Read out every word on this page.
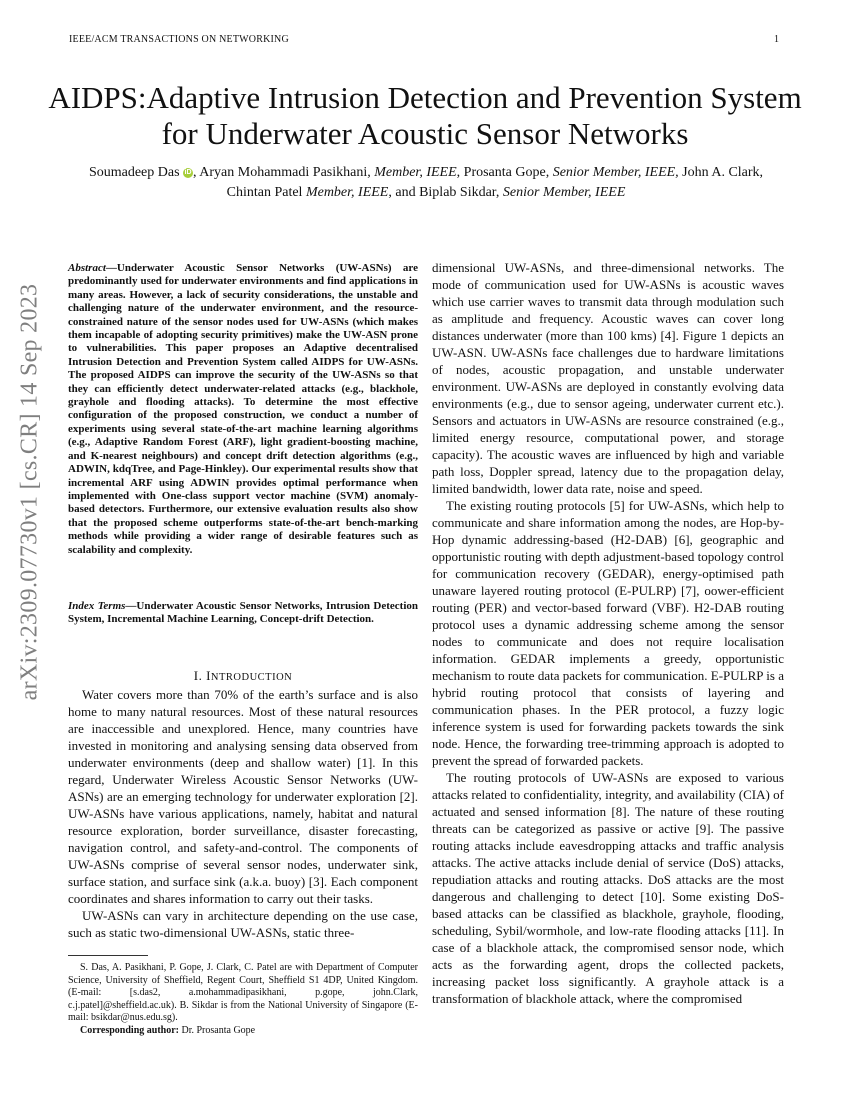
IEEE/ACM TRANSACTIONS ON NETWORKING	1
arXiv:2309.07730v1 [cs.CR] 14 Sep 2023
AIDPS:Adaptive Intrusion Detection and Prevention System for Underwater Acoustic Sensor Networks
Soumadeep Das iD , Aryan Mohammadi Pasikhani, Member, IEEE, Prosanta Gope, Senior Member, IEEE, John A. Clark, Chintan Patel Member, IEEE, and Biplab Sikdar, Senior Member, IEEE
Abstract—Underwater Acoustic Sensor Networks (UW-ASNs) are predominantly used for underwater environments and find applications in many areas. However, a lack of security considerations, the unstable and challenging nature of the underwater environment, and the resource-constrained nature of the sensor nodes used for UW-ASNs (which makes them incapable of adopting security primitives) make the UW-ASN prone to vulnerabilities. This paper proposes an Adaptive decentralised Intrusion Detection and Prevention System called AIDPS for UW-ASNs. The proposed AIDPS can improve the security of the UW-ASNs so that they can efficiently detect underwater-related attacks (e.g., blackhole, grayhole and flooding attacks). To determine the most effective configuration of the proposed construction, we conduct a number of experiments using several state-of-the-art machine learning algorithms (e.g., Adaptive Random Forest (ARF), light gradient-boosting machine, and K-nearest neighbours) and concept drift detection algorithms (e.g., ADWIN, kdqTree, and Page-Hinkley). Our experimental results show that incremental ARF using ADWIN provides optimal performance when implemented with One-class support vector machine (SVM) anomaly-based detectors. Furthermore, our extensive evaluation results also show that the proposed scheme outperforms state-of-the-art bench-marking methods while providing a wider range of desirable features such as scalability and complexity.
Index Terms—Underwater Acoustic Sensor Networks, Intrusion Detection System, Incremental Machine Learning, Concept-drift Detection.
I. INTRODUCTION

Water covers more than 70% of the earth’s surface and is also home to many natural resources. Most of these natural resources are inaccessible and unexplored. Hence, many countries have invested in monitoring and analysing sensing data observed from underwater environments (deep and shallow water) [1]. In this regard, Underwater Wireless Acoustic Sensor Networks (UW-ASNs) are an emerging technology for underwater exploration [2]. UW-ASNs have various applications, namely, habitat and natural resource exploration, border surveillance, disaster forecasting, navigation control, and safety-and-control. The components of UW-ASNs comprise of several sensor nodes, underwater sink, surface station, and surface sink (a.k.a. buoy) [3]. Each component coordinates and shares information to carry out their tasks.

UW-ASNs can vary in architecture depending on the use case, such as static two-dimensional UW-ASNs, static three-

S. Das, A. Pasikhani, P. Gope, J. Clark, C. Patel are with Department of Computer Science, University of Sheffield, Regent Court, Sheffield S1 4DP, United Kingdom. (E-mail: [s.das2, a.mohammadipasikhani, p.gope, john.Clark, c.j.patel]@sheffield.ac.uk). B. Sikdar is from the National University of Singapore (E-mail: bsikdar@nus.edu.sg).

Corresponding author: Dr. Prosanta Gope

dimensional UW-ASNs, and three-dimensional networks. The mode of communication used for UW-ASNs is acoustic waves which use carrier waves to transmit data through modulation such as amplitude and frequency. Acoustic waves can cover long distances underwater (more than 100 kms) [4]. Figure 1 depicts an UW-ASN. UW-ASNs face challenges due to hardware limitations of nodes, acoustic propagation, and unstable underwater environment. UW-ASNs are deployed in constantly evolving data environments (e.g., due to sensor ageing, underwater current etc.). Sensors and actuators in UW-ASNs are resource constrained (e.g., limited energy resource, computational power, and storage capacity). The acoustic waves are influenced by high and variable path loss, Doppler spread, latency due to the propagation delay, limited bandwidth, lower data rate, noise and speed.

The existing routing protocols [5] for UW-ASNs, which help to communicate and share information among the nodes, are Hop-by-Hop dynamic addressing-based (H2-DAB) [6], geographic and opportunistic routing with depth adjustment-based topology control for communication recovery (GEDAR), energy-optimised path unaware layered routing protocol (E-PULRP) [7], oower-efficient routing (PER) and vector-based forward (VBF). H2-DAB routing protocol uses a dynamic addressing scheme among the sensor nodes to communicate and does not require localisation information. GEDAR implements a greedy, opportunistic mechanism to route data packets for communication. E-PULRP is a hybrid routing protocol that consists of layering and communication phases. In the PER protocol, a fuzzy logic inference system is used for forwarding packets towards the sink node. Hence, the forwarding tree-trimming approach is adopted to prevent the spread of forwarded packets.

The routing protocols of UW-ASNs are exposed to various attacks related to confidentiality, integrity, and availability (CIA) of actuated and sensed information [8]. The nature of these routing threats can be categorized as passive or active [9]. The passive routing attacks include eavesdropping attacks and traffic analysis attacks. The active attacks include denial of service (DoS) attacks, repudiation attacks and routing attacks. DoS attacks are the most dangerous and challenging to detect [10]. Some existing DoS-based attacks can be classified as blackhole, grayhole, flooding, scheduling, Sybil/wormhole, and low-rate flooding attacks [11]. In case of a blackhole attack, the compromised sensor node, which acts as the forwarding agent, drops the collected packets, increasing packet loss significantly. A grayhole attack is a transformation of blackhole attack, where the compromised
